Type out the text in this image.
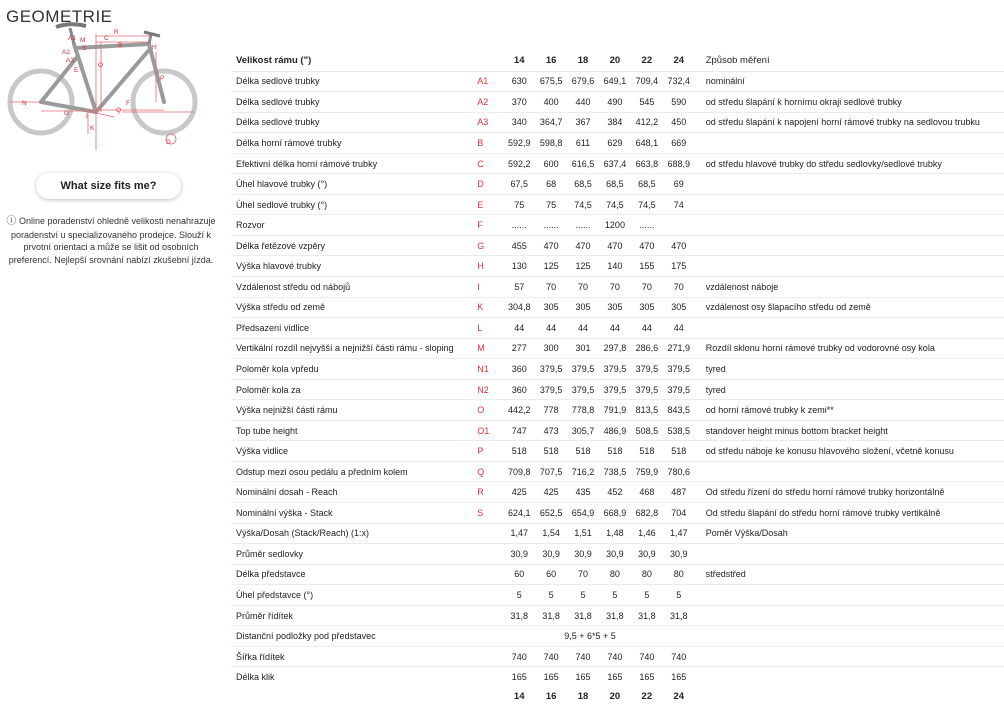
GEOMETRIE
A1
A2
A3
R
C
B
S
M
O
H
P
N
G
F
Q
K
I
E
D
What size fits me?
ⓘ Online poradenství ohledně velikosti nenahrazuje poradenství u specializovaného prodejce. Slouží k prvotní orientaci a může se lišit od osobních preferencí. Nejlepší srovnání nabízí zkušební jízda.
Velikost rámu (")		14	16	18	20	22	24	Způsob měření
Délka sedlové trubky	A1	630	675,5	679,6	649,1	709,4	732,4	nominální
Délka sedlové trubky	A2	370	400	440	490	545	590	od středu šlapání k hornímu okraji sedlové trubky
Délka sedlové trubky	A3	340	364,7	367	384	412,2	450	od středu šlapání k napojení horní rámové trubky na sedlovou trubku
Délka horní rámové trubky	B	592,9	598,8	611	629	648,1	669	
Efektivní délka horní rámové trubky	C	592,2	600	616,5	637,4	663,8	688,9	od středu hlavové trubky do středu sedlovky/sedlové trubky
Úhel hlavové trubky (°)	D	67,5	68	68,5	68,5	68,5	69	
Úhel sedlové trubky (°)	E	75	75	74,5	74,5	74,5	74	
Rozvor	F	......	......	......	1200	......		
Délka řetězové vzpěry	G	455	470	470	470	470	470	
Výška hlavové trubky	H	130	125	125	140	155	175	
Vzdálenost středu od nábojů	I	57	70	70	70	70	70	vzdálenost náboje
Výška středu od země	K	304,8	305	305	305	305	305	vzdálenost osy šlapacího středu od země
Předsazení vidlice	L	44	44	44	44	44	44	
Vertikální rozdíl nejvyšší a nejnižší části rámu - sloping	M	277	300	301	297,8	286,6	271,9	Rozdíl sklonu horní rámové trubky od vodorovné osy kola
Poloměr kola vpředu	N1	360	379,5	379,5	379,5	379,5	379,5	tyred
Poloměr kola za	N2	360	379,5	379,5	379,5	379,5	379,5	tyred
Výška nejnižší části rámu	O	442,2	778	778,8	791,9	813,5	843,5	od horní rámové trubky k zemi**
Top tube height	O1	747	473	305,7	486,9	508,5	538,5	standover height minus bottom bracket height
Výška vidlice	P	518	518	518	518	518	518	od středu náboje ke konusu hlavového složení, včetně konusu
Odstup mezi osou pedálu a předním kolem	Q	709,8	707,5	716,2	738,5	759,9	780,6	
Nominální dosah - Reach	R	425	425	435	452	468	487	Od středu řízení do středu horní rámové trubky horizontálně
Nominální výška - Stack	S	624,1	652,5	654,9	668,9	682,8	704	Od středu šlapání do středu horní rámové trubky vertikálně
Výška/Dosah (Stack/Reach) (1:x)		1,47	1,54	1,51	1,48	1,46	1,47	Poměr Výška/Dosah
Průměr sedlovky		30,9	30,9	30,9	30,9	30,9	30,9	
Délka představce		60	60	70	80	80	80	středstřed
Úhel představce (°)		5	5	5	5	5	5	
Průměr řídítek		31,8	31,8	31,8	31,8	31,8	31,8	
Distanční podložky pod představec		9,5 + 6*5 + 5						
Šířka řídítek		740	740	740	740	740	740	
Délka klik		165	165	165	165	165	165	
		14	16	18	20	22	24	
